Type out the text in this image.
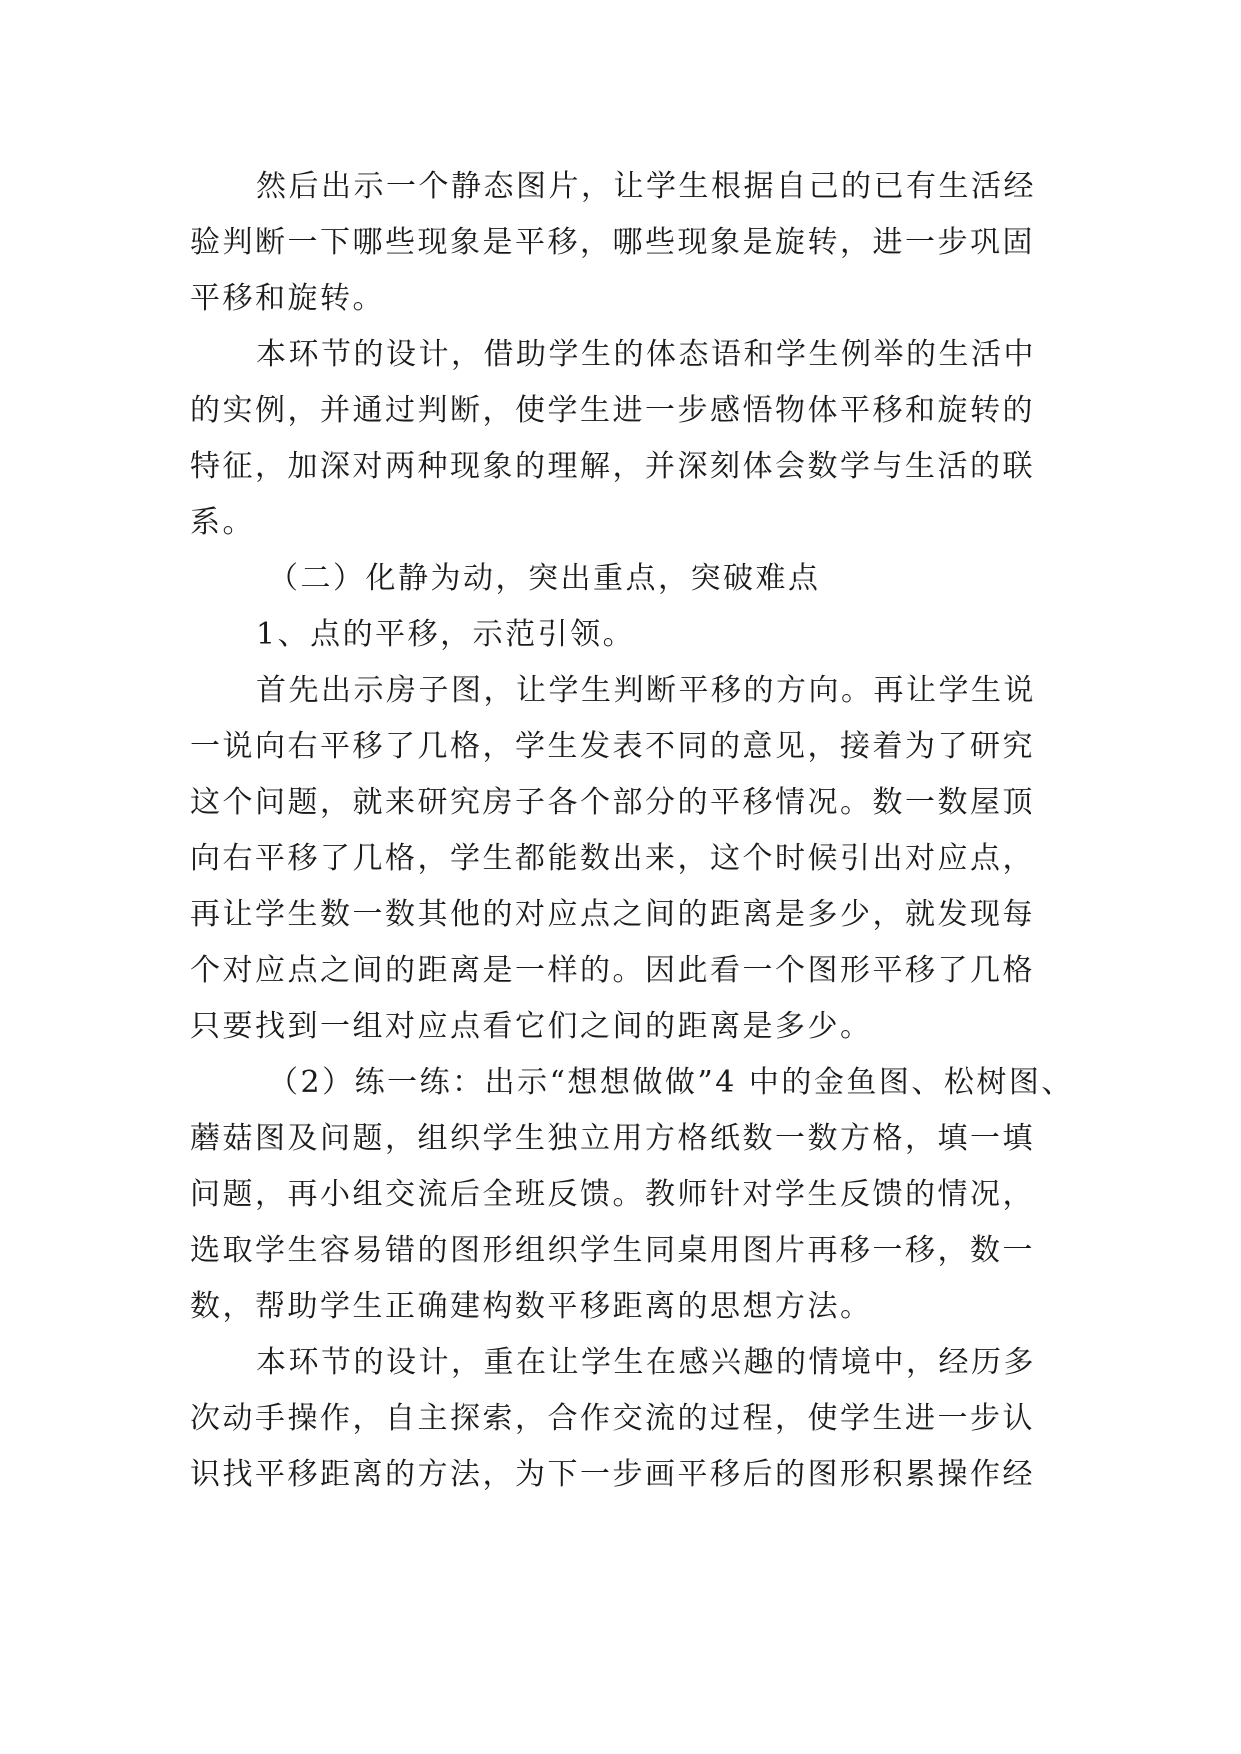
然后出示一个静态图片，让学生根据自己的已有生活经
验判断一下哪些现象是平移，哪些现象是旋转，进一步巩固
平移和旋转。
本环节的设计，借助学生的体态语和学生例举的生活中
的实例，并通过判断，使学生进一步感悟物体平移和旋转的
特征，加深对两种现象的理解，并深刻体会数学与生活的联
系。
（二）化静为动，突出重点，突破难点
1、点的平移，示范引领。
首先出示房子图，让学生判断平移的方向。再让学生说
一说向右平移了几格，学生发表不同的意见，接着为了研究
这个问题，就来研究房子各个部分的平移情况。数一数屋顶
向右平移了几格，学生都能数出来，这个时候引出对应点，
再让学生数一数其他的对应点之间的距离是多少，就发现每
个对应点之间的距离是一样的。因此看一个图形平移了几格
只要找到一组对应点看它们之间的距离是多少。
（2）练一练：出示“想想做做”4 中的金鱼图、松树图、
蘑菇图及问题，组织学生独立用方格纸数一数方格，填一填
问题，再小组交流后全班反馈。教师针对学生反馈的情况，
选取学生容易错的图形组织学生同桌用图片再移一移，数一
数，帮助学生正确建构数平移距离的思想方法。
本环节的设计，重在让学生在感兴趣的情境中，经历多
次动手操作，自主探索，合作交流的过程，使学生进一步认
识找平移距离的方法，为下一步画平移后的图形积累操作经
